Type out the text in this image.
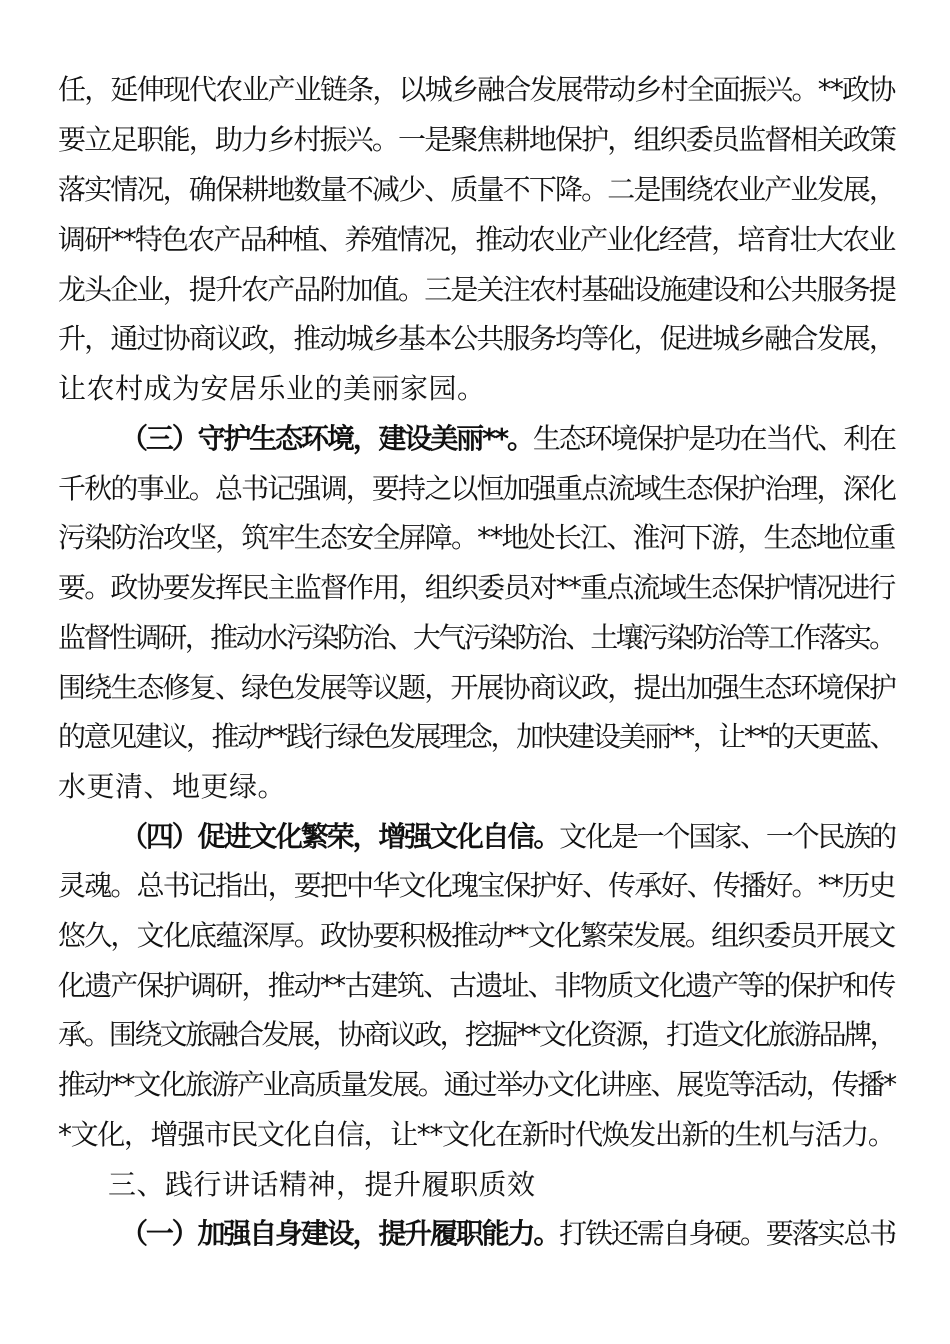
任，延伸现代农业产业链条，以城乡融合发展带动乡村全面振兴。**政协
要立足职能，助力乡村振兴。一是聚焦耕地保护，组织委员监督相关政策
落实情况，确保耕地数量不减少、质量不下降。二是围绕农业产业发展，
调研**特色农产品种植、养殖情况，推动农业产业化经营，培育壮大农业
龙头企业，提升农产品附加值。三是关注农村基础设施建设和公共服务提
升，通过协商议政，推动城乡基本公共服务均等化，促进城乡融合发展，
让农村成为安居乐业的美丽家园。
（三）守护生态环境，建设美丽**。生态环境保护是功在当代、利在
千秋的事业。总书记强调，要持之以恒加强重点流域生态保护治理，深化
污染防治攻坚，筑牢生态安全屏障。**地处长江、淮河下游，生态地位重
要。政协要发挥民主监督作用，组织委员对**重点流域生态保护情况进行
监督性调研，推动水污染防治、大气污染防治、土壤污染防治等工作落实。
围绕生态修复、绿色发展等议题，开展协商议政，提出加强生态环境保护
的意见建议，推动**践行绿色发展理念，加快建设美丽**，让**的天更蓝、
水更清、地更绿。
（四）促进文化繁荣，增强文化自信。文化是一个国家、一个民族的
灵魂。总书记指出，要把中华文化瑰宝保护好、传承好、传播好。**历史
悠久，文化底蕴深厚。政协要积极推动**文化繁荣发展。组织委员开展文
化遗产保护调研，推动**古建筑、古遗址、非物质文化遗产等的保护和传
承。围绕文旅融合发展，协商议政，挖掘**文化资源，打造文化旅游品牌，
推动**文化旅游产业高质量发展。通过举办文化讲座、展览等活动，传播*
*文化，增强市民文化自信，让**文化在新时代焕发出新的生机与活力。
三、践行讲话精神，提升履职质效
（一）加强自身建设，提升履职能力。打铁还需自身硬。要落实总书
